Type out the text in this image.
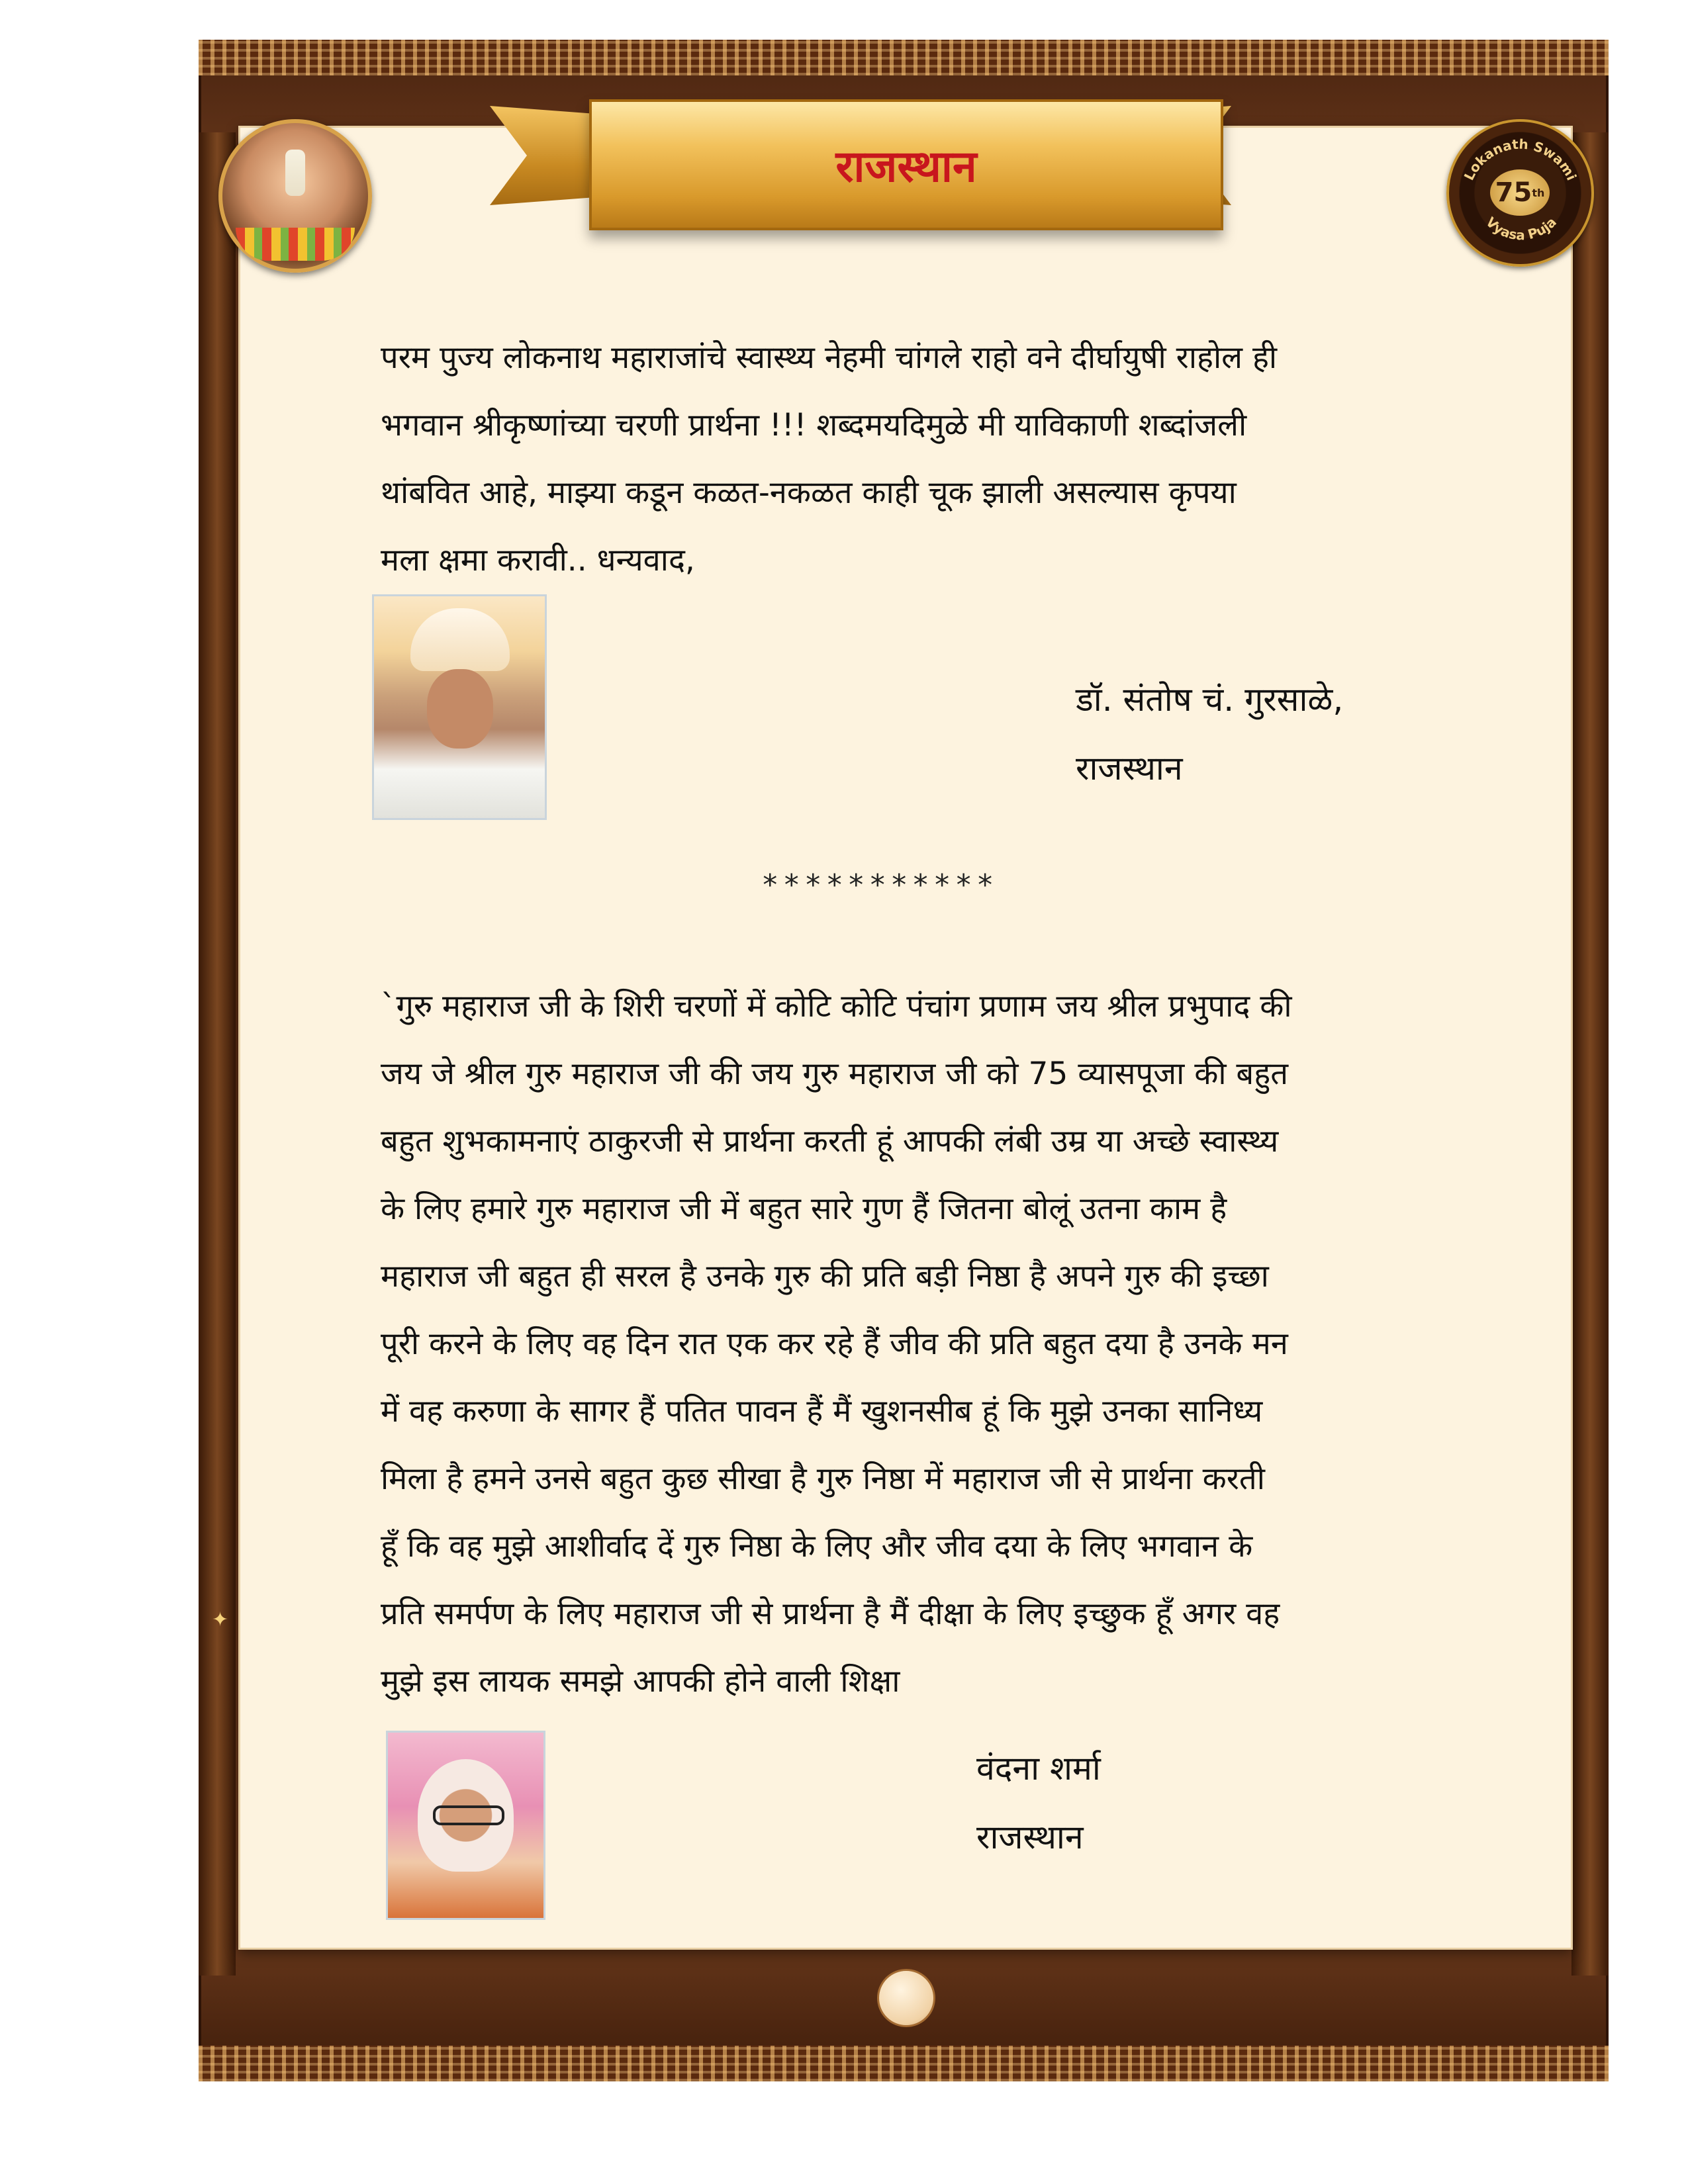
राजस्थान	Lokanath Swami
Vyasa Puja
75 th
परम पुज्य लोकनाथ महाराजांचे स्वास्थ्य नेहमी चांगले राहो वने दीर्घायुषी राहोल ही
भगवान श्रीकृष्णांच्या चरणी प्रार्थना !!! शब्दमयदिमुळे मी याविकाणी शब्दांजली
थांबवित आहे, माझ्या कडून कळत-नकळत काही चूक झाली असल्यास कृपया
मला क्षमा करावी.. धन्यवाद,
डॉ. संतोष चं. गुरसाळे,
राजस्थान
***********
`गुरु महाराज जी के शिरी चरणों में कोटि कोटि पंचांग प्रणाम जय श्रील प्रभुपाद की
जय जे श्रील गुरु महाराज जी की जय गुरु महाराज जी को 75 व्यासपूजा की बहुत
बहुत शुभकामनाएं ठाकुरजी से प्रार्थना करती हूं आपकी लंबी उम्र या अच्छे स्वास्थ्य
के लिए हमारे गुरु महाराज जी में बहुत सारे गुण हैं जितना बोलूं उतना काम है
महाराज जी बहुत ही सरल है उनके गुरु की प्रति बड़ी निष्ठा है अपने गुरु की इच्छा
पूरी करने के लिए वह दिन रात एक कर रहे हैं जीव की प्रति बहुत दया है उनके मन
में वह करुणा के सागर हैं पतित पावन हैं मैं खुशनसीब हूं कि मुझे उनका सानिध्य
मिला है हमने उनसे बहुत कुछ सीखा है गुरु निष्ठा में महाराज जी से प्रार्थना करती
हूँ कि वह मुझे आशीर्वाद दें गुरु निष्ठा के लिए और जीव दया के लिए भगवान के
प्रति समर्पण के लिए महाराज जी से प्रार्थना है मैं दीक्षा के लिए इच्छुक हूँ अगर वह
मुझे इस लायक समझे आपकी होने वाली शिक्षा
वंदना शर्मा
राजस्थान
✦
